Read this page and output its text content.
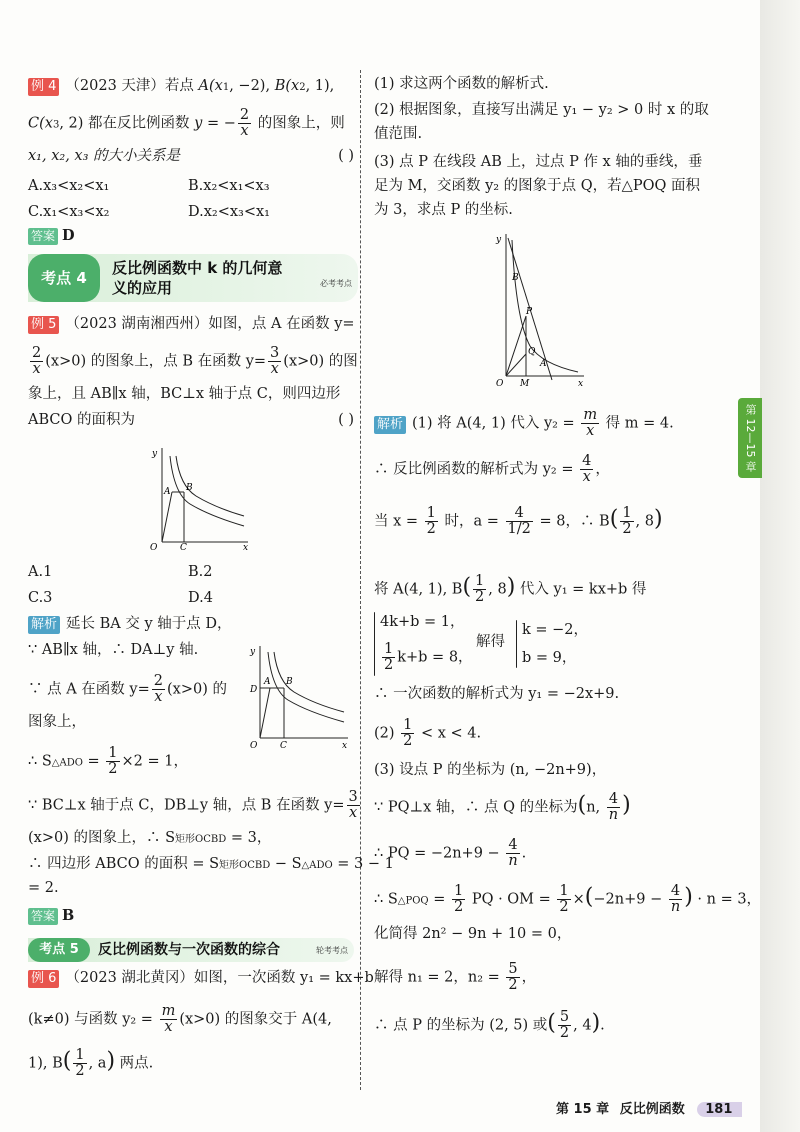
例 4 （2023 天津）若点 A(x1, −2), B(x2, 1),
C(x3, 2) 都在反比例函数 y = − $\frac{2}{x}$ 的图象上，则
x₁, x₂, x₃ 的大小关系是	( )
A.x₃<x₂<x₁	B.x₂<x₁<x₃
C.x₁<x₃<x₂	D.x₂<x₃<x₁
答案 D
考点 4
反比例函数中 k 的几何意
义的应用	必考考点
例 5 （2023 湖南湘西州）如图，点 A 在函数 y=
$\frac{2}{x} (x>0)$ 的图象上，点 B 在函数 $y= \frac{3}{x} (x>0)$ 的图
象上，且 AB∥x 轴，BC⊥x 轴于点 C，则四边形
ABCO 的面积为	( )
y
x
O
A B
C
A.1	B.2
C.3	D.4
解析 延长 BA 交 y 轴于点 D，
∵ AB∥x 轴，∴ DA⊥y 轴.
∵ 点 A 在函数 $y= \frac{2}{x} (x>0)$ 的
图象上，
∴ S△ADO = $\frac{1}{2} \times 2 = 1$，
y
x
O
D
A B
C
∵ BC⊥x 轴于点 C，DB⊥y 轴，点 B 在函数 $y= \frac{3}{x}$
(x>0) 的图象上，∴ S矩形OCBD = 3，
∴ 四边形 ABCO 的面积 = S矩形OCBD − S△ADO = 3 − 1
= 2.
答案 B
考点 5	反比例函数与一次函数的综合	轮考考点
例 6 （2023 湖北黄冈）如图，一次函数 y₁ = kx+b
(k≠0) 与函数 $y_2 = \frac{m}{x} (x>0)$ 的图象交于 A(4,
1), $B( \frac{1}{2}$ , a) 两点.
(1) 求这两个函数的解析式.
(2) 根据图象，直接写出满足 y₁ − y₂ > 0 时 x 的取
值范围.
(3) 点 P 在线段 AB 上，过点 P 作 x 轴的垂线，垂
足为 M，交函数 y₂ 的图象于点 Q，若△POQ 面积
为 3，求点 P 的坐标.
y
x
O
B
P
Q
A
M
解析 (1) 将 A(4, 1) 代入 $y_2 = \frac{m}{x}$ 得 m = 4.
∴ 反比例函数的解析式为 $y_2 = \frac{4}{x}$ ，
当 $x = \frac{1}{2}$ 时，$a = \frac{4}{1/2} = 8$，∴ $B( \frac{1}{2}$ , 8)
将 A(4, 1), $B( \frac{1}{2}$ , 8) 代入 y₁ = kx+b 得
4k+b = 1，
$\frac{1}{2} k+b = 8$，
解得
k = −2，
b = 9，
∴ 一次函数的解析式为 y₁ = −2x+9.
$(2) \frac{1}{2} < x < 4$.
(3) 设点 P 的坐标为 (n, −2n+9)，
∵ PQ⊥x 轴，∴ 点 Q 的坐标为(n, $\frac{4}{n}$ )
∴ PQ = $-2n+9 - \frac{4}{n}$ .
∴ S△POQ = $\frac{1}{2}$ PQ · OM = $\frac{1}{2} \times(-2n+9 - \frac{4}{n}$ ) · n = 3，
化简得 2n² − 9n + 10 = 0，
解得 n₁ = 2，$n_2 = \frac{5}{2}$ ，
∴ 点 P 的坐标为 (2, 5) 或( $\frac{5}{2}$ , 4).
第 12—15 章
第 15 章 反比例函数 181
